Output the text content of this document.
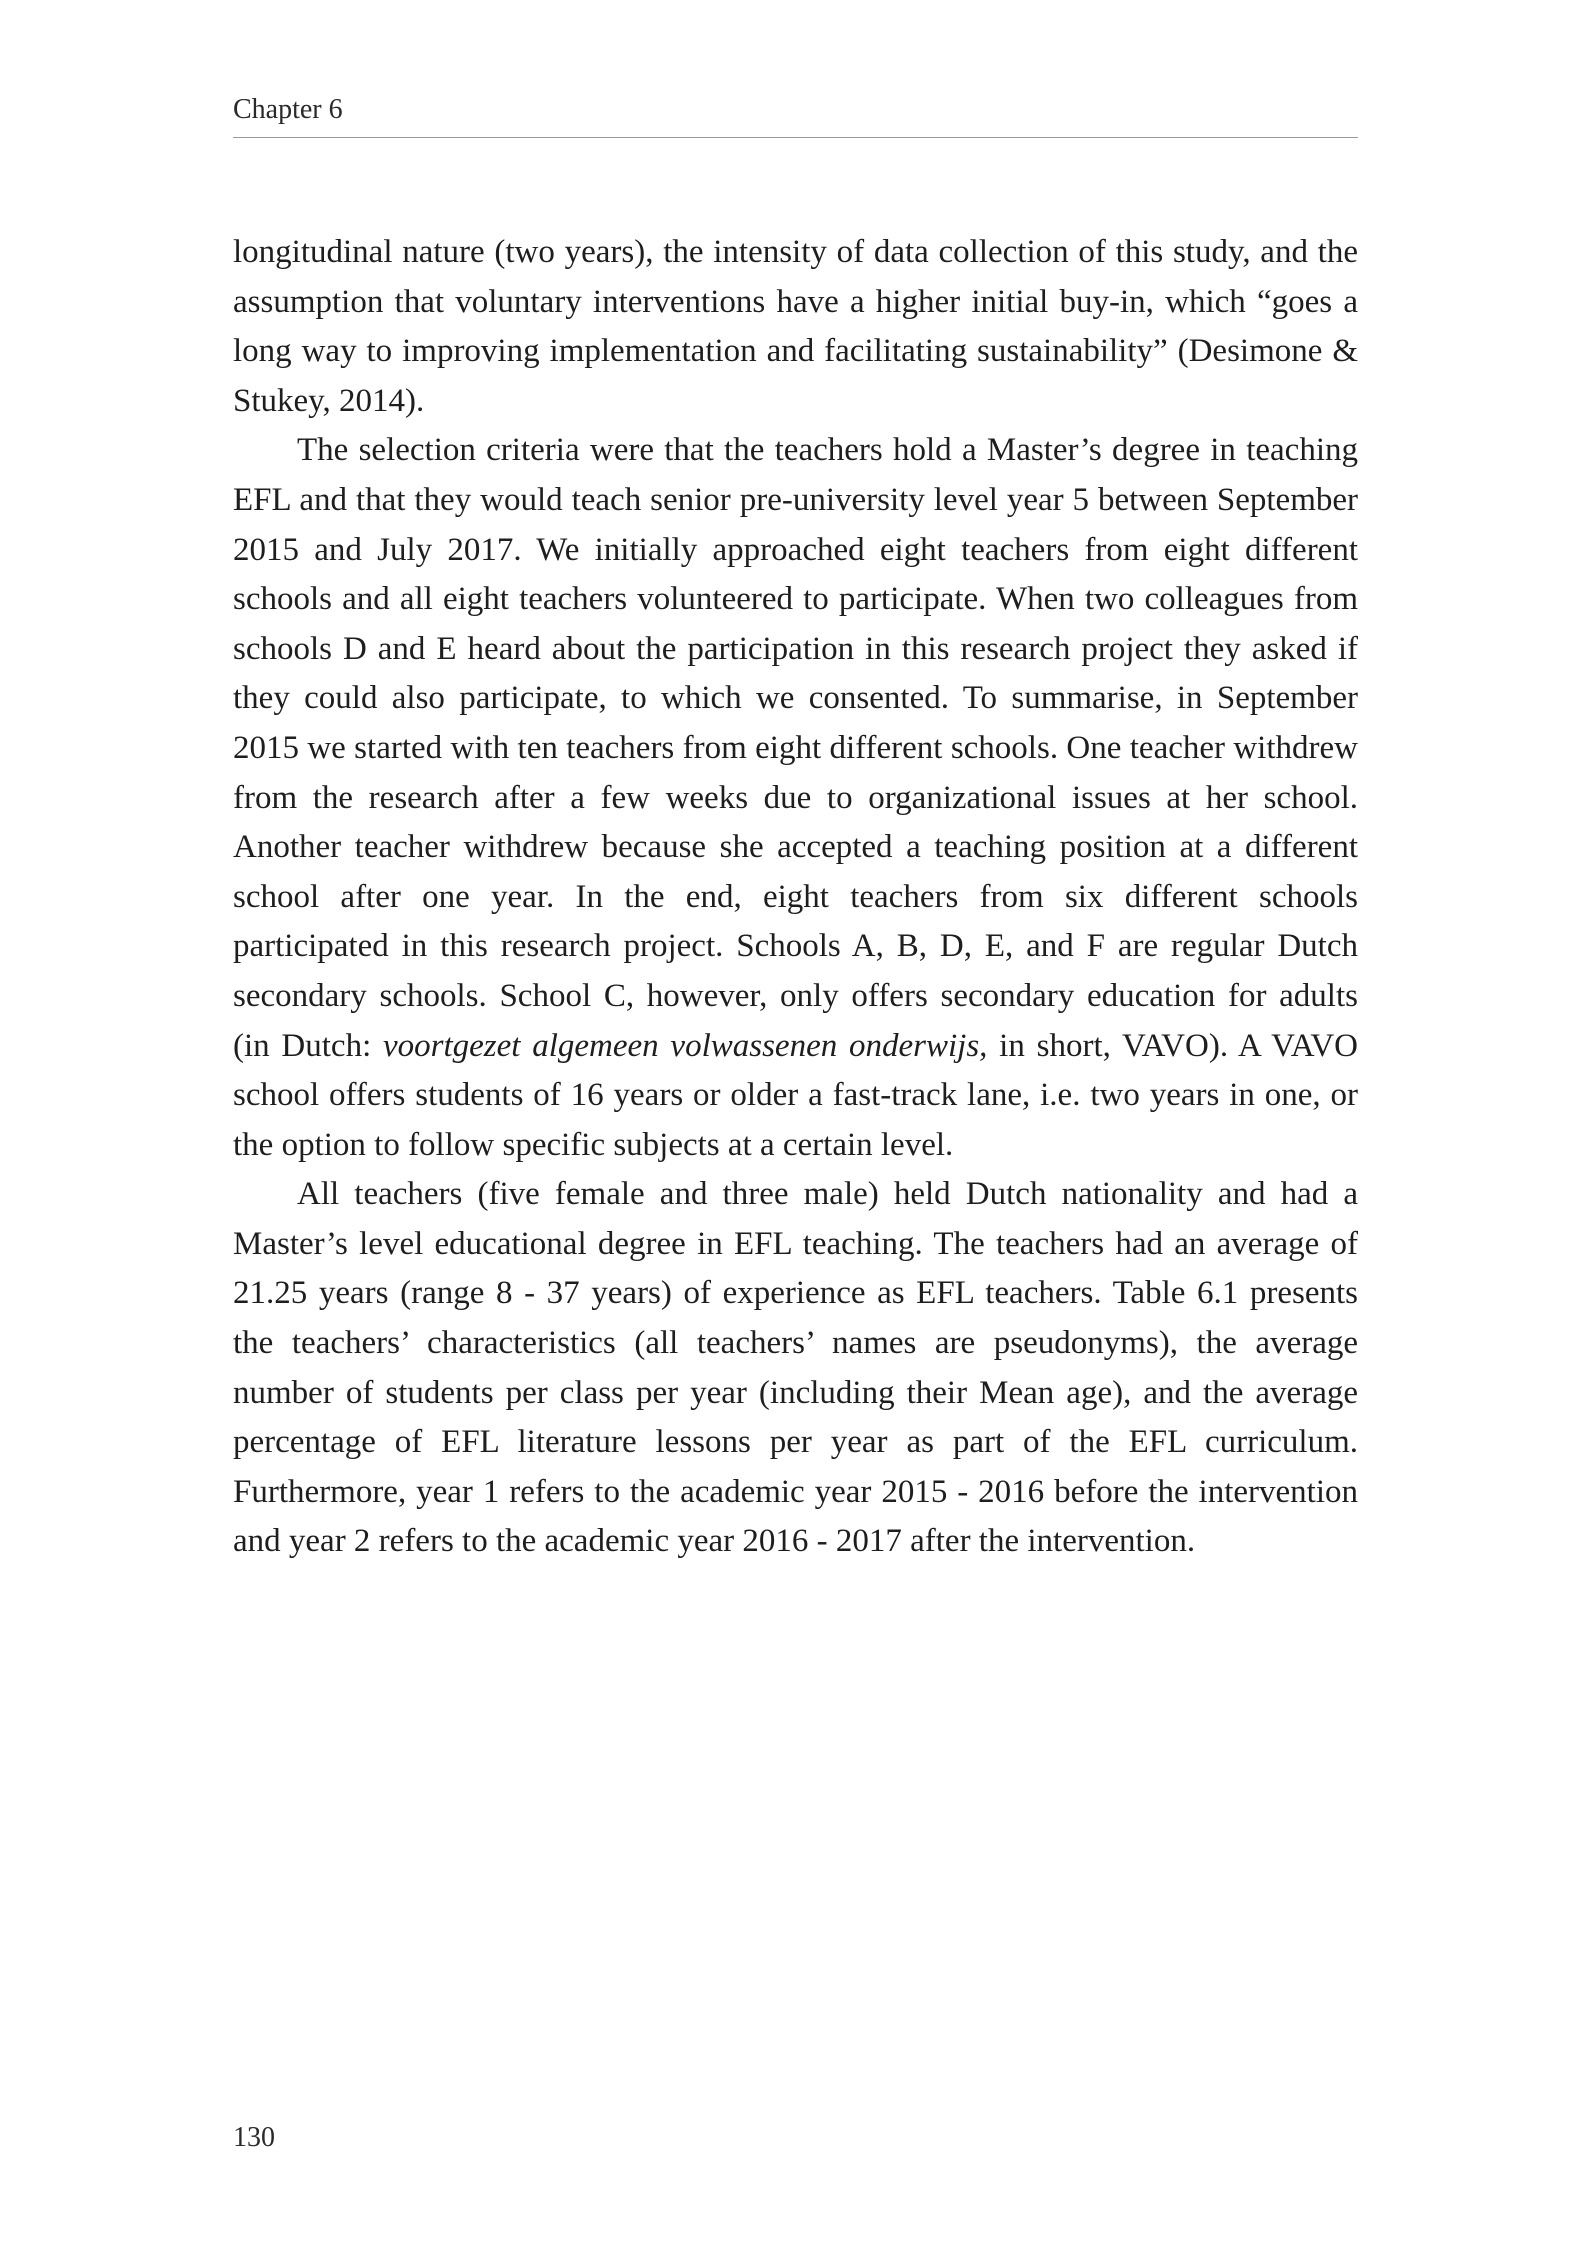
Chapter 6

longitudinal nature (two years), the intensity of data collection of this study, and the assumption that voluntary interventions have a higher initial buy-in, which “goes a long way to improving implementation and facilitating sustainability” (Desimone & Stukey, 2014).

The selection criteria were that the teachers hold a Master’s degree in teaching EFL and that they would teach senior pre-university level year 5 between September 2015 and July 2017. We initially approached eight teachers from eight different schools and all eight teachers volunteered to participate. When two colleagues from schools D and E heard about the participation in this research project they asked if they could also participate, to which we consented. To summarise, in September 2015 we started with ten teachers from eight different schools. One teacher withdrew from the research after a few weeks due to organizational issues at her school. Another teacher withdrew because she accepted a teaching position at a different school after one year. In the end, eight teachers from six different schools participated in this research project. Schools A, B, D, E, and F are regular Dutch secondary schools. School C, however, only offers secondary education for adults (in Dutch: voortgezet algemeen volwassenen onderwijs, in short, VAVO). A VAVO school offers students of 16 years or older a fast-track lane, i.e. two years in one, or the option to follow specific subjects at a certain level.

All teachers (five female and three male) held Dutch nationality and had a Master’s level educational degree in EFL teaching. The teachers had an average of 21.25 years (range 8 - 37 years) of experience as EFL teachers. Table 6.1 presents the teachers’ characteristics (all teachers’ names are pseudonyms), the average number of students per class per year (including their Mean age), and the average percentage of EFL literature lessons per year as part of the EFL curriculum. Furthermore, year 1 refers to the academic year 2015 - 2016 before the intervention and year 2 refers to the academic year 2016 - 2017 after the intervention.

130
